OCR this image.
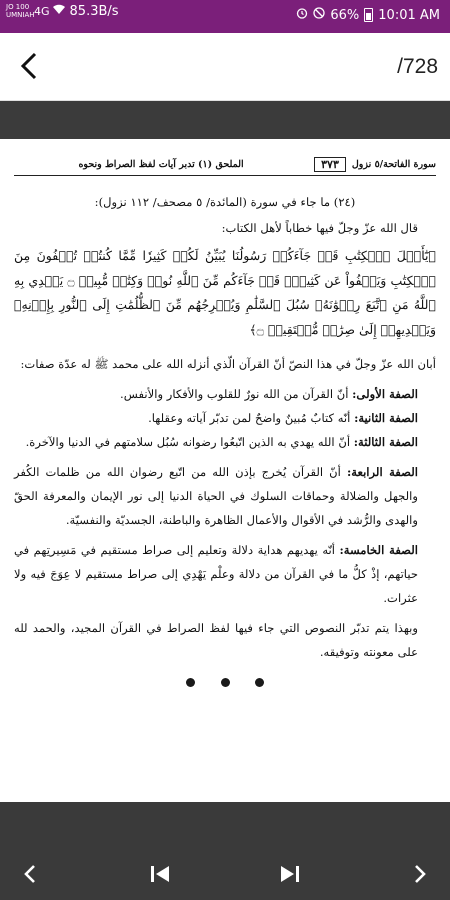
JO 100 UMNIAH 4G 85.3B/s	66% 10:01 AM
/728
سورة الفاتحة/٥ نزول
٣٧٣
الملحق (١) تدبر آيات لفظ الصراط ونحوه
(٢٤) ما جاء في سورة (المائدة/ ٥ مصحف/ ١١٢ نزول):
قال الله عزّ وجلّ فيها خطاباً لأهل الكتاب:
﴿يَٰٓأَهۡلَ ٱلۡكِتَٰبِ قَدۡ جَآءَكُمۡ رَسُولُنَا يُبَيِّنُ لَكُمۡ كَثِيرٗا مِّمَّا كُنتُمۡ تُخۡفُونَ مِنَ ٱلۡكِتَٰبِ وَيَعۡفُواْ عَن كَثِيرٖۚ قَدۡ جَآءَكُم مِّنَ ٱللَّهِ نُورٞ وَكِتَٰبٞ مُّبِينٞ ۝ يَهۡدِي بِهِ ٱللَّهُ مَنِ ٱتَّبَعَ رِضۡوَٰنَهُۥ سُبُلَ ٱلسَّلَٰمِ وَيُخۡرِجُهُم مِّنَ ٱلظُّلُمَٰتِ إِلَى ٱلنُّورِ بِإِذۡنِهِۦ وَيَهۡدِيهِمۡ إِلَىٰ صِرَٰطٖ مُّسۡتَقِيمٖ ۝﴾
أبان الله عزّ وجلّ في هذا النصّ أنّ القرآن الّذي أنزله الله على محمد ﷺ له عدّة صفات:
الصفة الأولى: أنّ القرآن من الله نورٌ للقلوب والأفكار والأنفس.
الصفة الثانية: أنّه كتابٌ مُبينٌ واضحٌ لمن تدبّر آياته وعقلها.
الصفة الثالثة: أنّ الله يهدي به الذين اتّبعُوا رضوانه سُبُل سلامتهم في الدنيا والآخرة.
الصفة الرابعة: أنّ القرآن يُخرج بإذن الله من اتّبع رضوان الله من ظلمات الكُفر والجهل والضلالة وحماقات السلوك في الحياة الدنيا إلى نور الإيمان والمعرفة الحقّ والهدى والرُّشد في الأقوال والأعمال الظاهرة والباطنة، الجسديّة والنفسيّة.
الصفة الخامسة: أنّه يهديهم هداية دلالة وتعليم إلى صراط مستقيم في مَسِيرتِهم في حياتهم، إذْ كلُّ ما في القرآن من دلالة وعلْم يَهْدِي إلى صراط مستقيم لا عِوَجَ فيه ولا عثرات.
وبهذا يتم تدبّر النصوص التي جاء فيها لفظ الصراط في القرآن المجيد، والحمد لله على معونته وتوفيقه.
